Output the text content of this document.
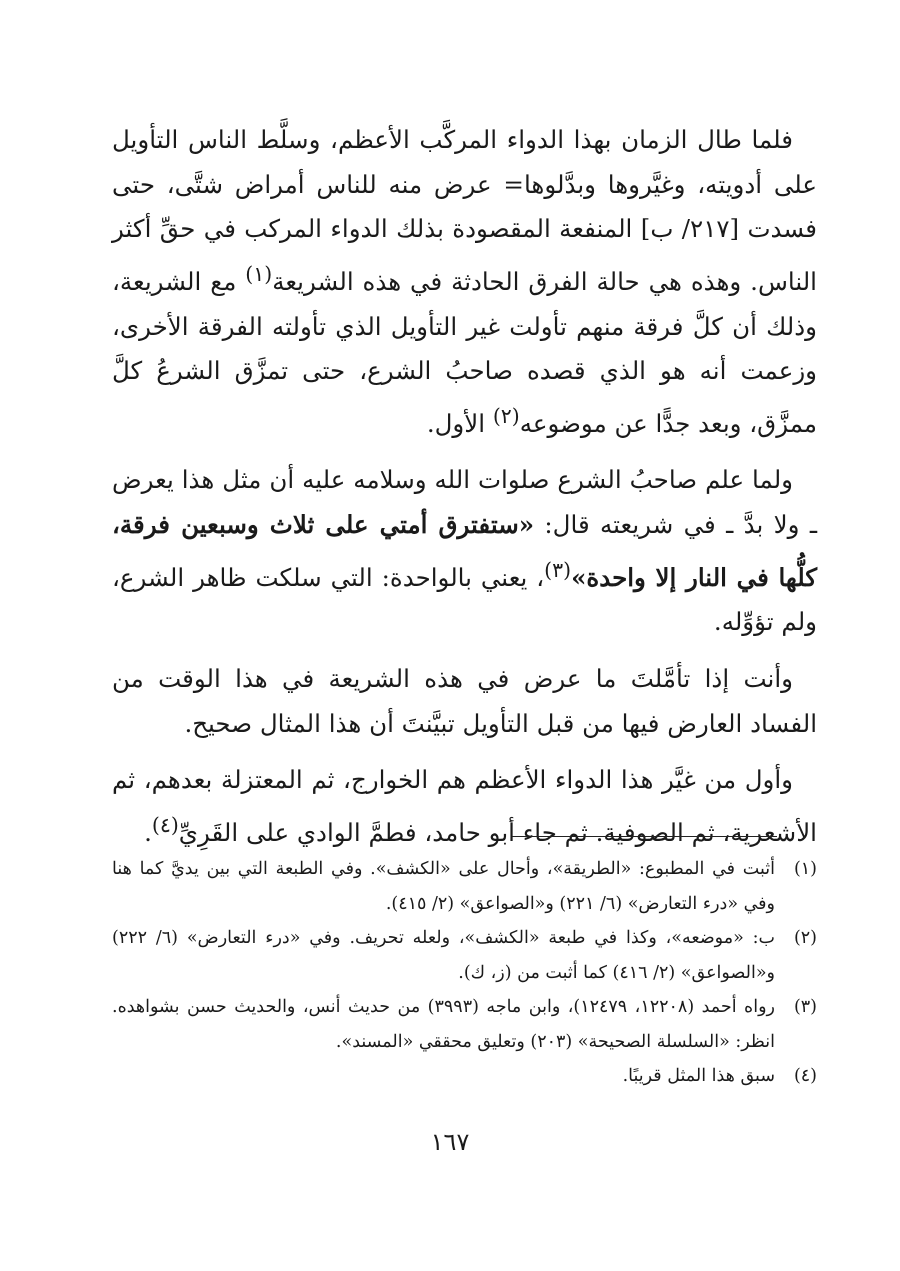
فلما طال الزمان بهذا الدواء المركَّب الأعظم، وسلَّط الناس التأويل على أدويته، وغيَّروها وبدَّلوها= عرض منه للناس أمراض شتَّى، حتى فسدت [٢١٧/ ب] المنفعة المقصودة بذلك الدواء المركب في حقِّ أكثر الناس. وهذه هي حالة الفرق الحادثة في هذه الشريعة$^{(١)}$ مع الشريعة، وذلك أن كلَّ فرقة منهم تأولت غير التأويل الذي تأولته الفرقة الأخرى، وزعمت أنه هو الذي قصده صاحبُ الشرع، حتى تمزَّق الشرعُ كلَّ ممزَّق، وبعد جدًّا عن موضوعه$^{(٢)}$ الأول.

ولما علم صاحبُ الشرع صلوات الله وسلامه عليه أن مثل هذا يعرض ـ ولا بدَّ ـ في شريعته قال: «ستفترق أمتي على ثلاث وسبعين فرقة، كلُّها في النار إلا واحدة»$^{(٣)}$، يعني بالواحدة: التي سلكت ظاهر الشرع، ولم تؤوِّله.

وأنت إذا تأمَّلتَ ما عرض في هذه الشريعة في هذا الوقت من الفساد العارض فيها من قبل التأويل تبيَّنتَ أن هذا المثال صحيح.

وأول من غيَّر هذا الدواء الأعظم هم الخوارج، ثم المعتزلة بعدهم، ثم الأشعرية، ثم الصوفية. ثم جاء أبو حامد، فطمَّ الوادي على القَرِيِّ$^{(٤)}$.

(١)
أثبت في المطبوع: «الطريقة»، وأحال على «الكشف». وفي الطبعة التي بين يديَّ كما هنا وفي «درء التعارض» (٦/ ٢٢١) و«الصواعق» (٢/ ٤١٥).

(٢)
ب: «موضعه»، وكذا في طبعة «الكشف»، ولعله تحريف. وفي «درء التعارض» (٦/ ٢٢٢) و«الصواعق» (٢/ ٤١٦) كما أثبت من (ز، ك).

(٣)
رواه أحمد (١٢٢٠٨، ١٢٤٧٩)، وابن ماجه (٣٩٩٣) من حديث أنس، والحديث حسن بشواهده. انظر: «السلسلة الصحيحة» (٢٠٣) وتعليق محققي «المسند».

(٤)
سبق هذا المثل قريبًا.

١٦٧
